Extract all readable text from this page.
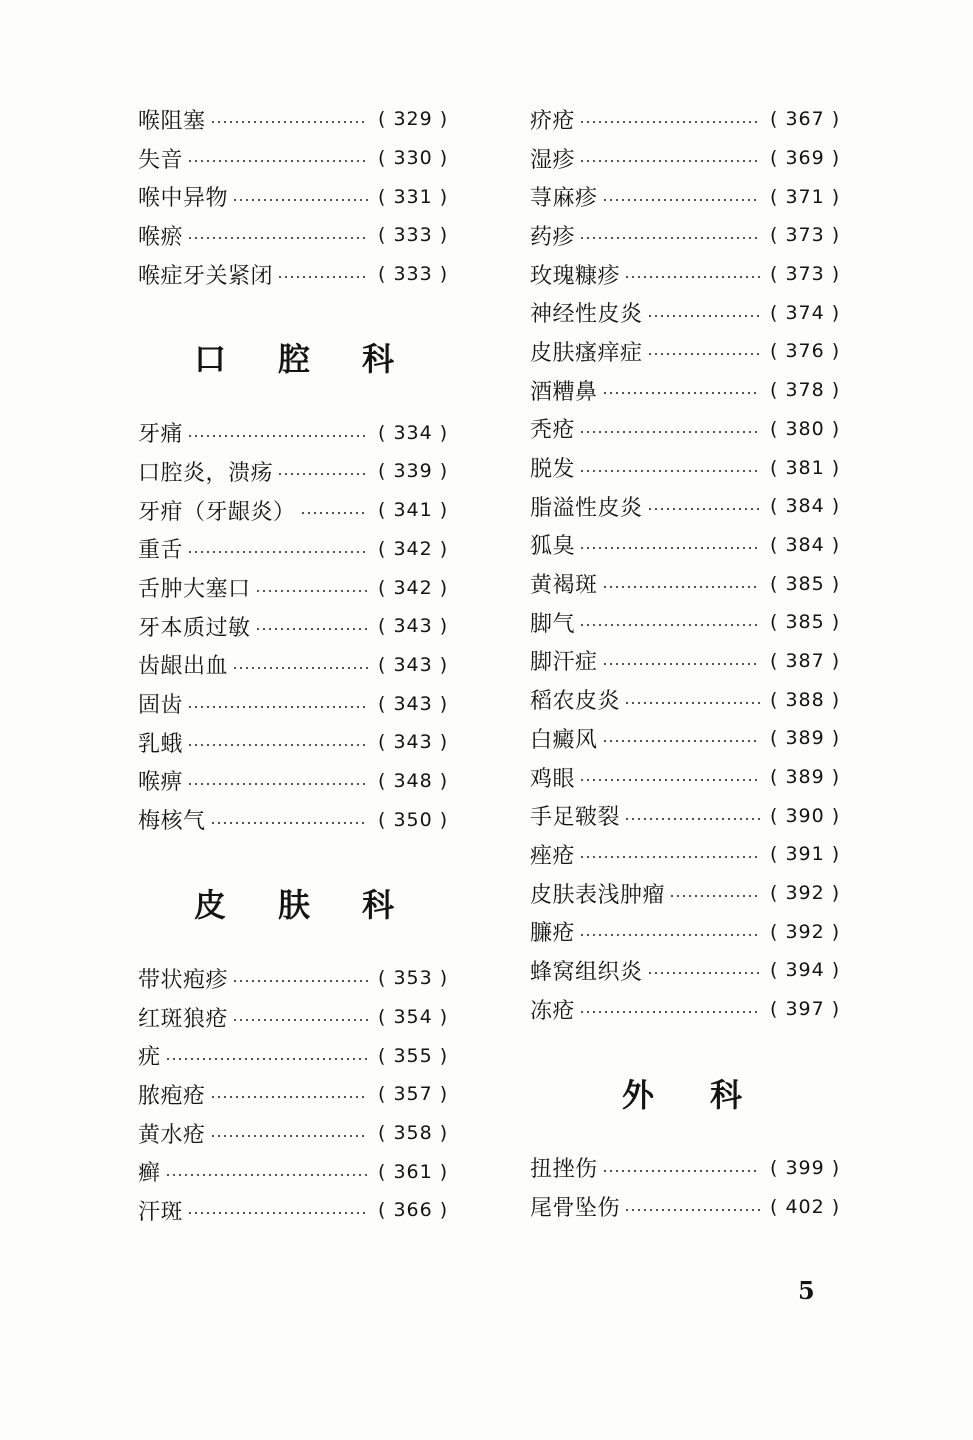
喉阻塞	( 329 )
失音	( 330 )
喉中异物	( 331 )
喉瘀	( 333 )
喉症牙关紧闭	( 333 )
口腔科
牙痛	( 334 )
口腔炎，溃疡	( 339 )
牙疳（牙龈炎）	( 341 )
重舌	( 342 )
舌肿大塞口	( 342 )
牙本质过敏	( 343 )
齿龈出血	( 343 )
固齿	( 343 )
乳蛾	( 343 )
喉痹	( 348 )
梅核气	( 350 )
皮肤科
带状疱疹	( 353 )
红斑狼疮	( 354 )
疣	( 355 )
脓疱疮	( 357 )
黄水疮	( 358 )
癣	( 361 )
汗斑	( 366 )
疥疮	( 367 )
湿疹	( 369 )
荨麻疹	( 371 )
药疹	( 373 )
玫瑰糠疹	( 373 )
神经性皮炎	( 374 )
皮肤瘙痒症	( 376 )
酒糟鼻	( 378 )
秃疮	( 380 )
脱发	( 381 )
脂溢性皮炎	( 384 )
狐臭	( 384 )
黄褐斑	( 385 )
脚气	( 385 )
脚汗症	( 387 )
稻农皮炎	( 388 )
白癜风	( 389 )
鸡眼	( 389 )
手足皲裂	( 390 )
痤疮	( 391 )
皮肤表浅肿瘤	( 392 )
臁疮	( 392 )
蜂窝组织炎	( 394 )
冻疮	( 397 )
外科
扭挫伤	( 399 )
尾骨坠伤	( 402 )
5
